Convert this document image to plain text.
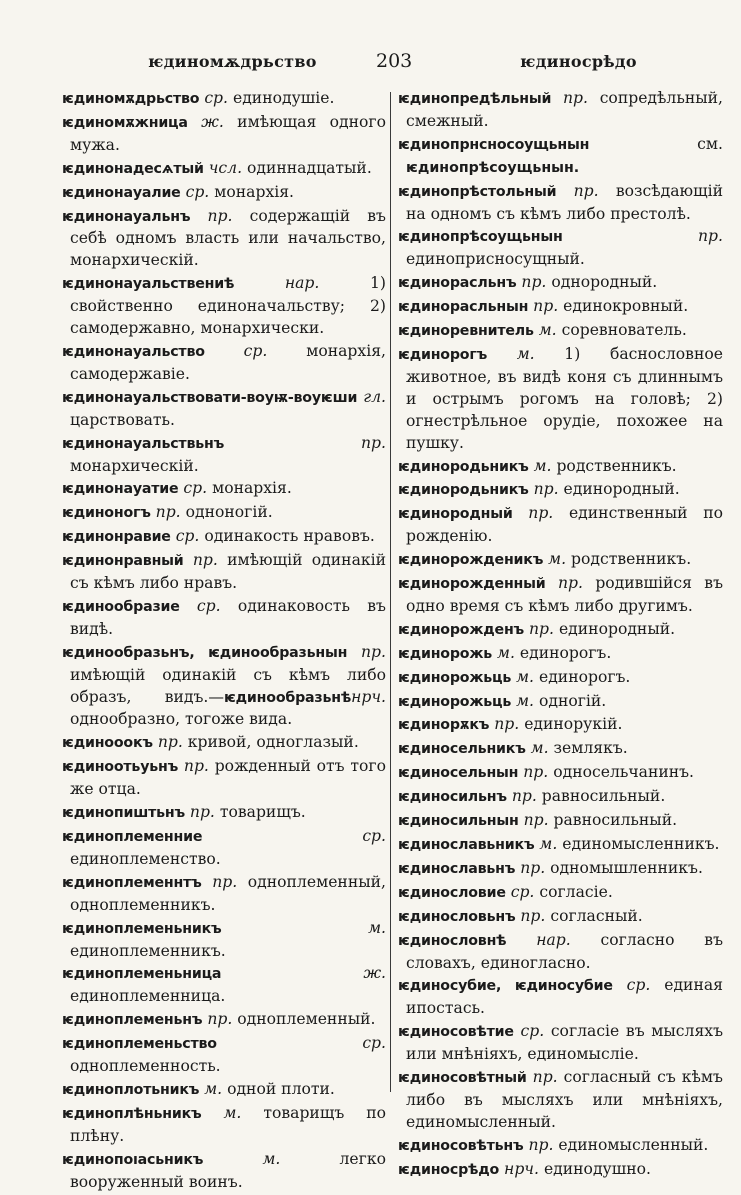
ѥдиномѫдрьство	203	ѥдиносрѣдо

ѥдиномѫдрьство ср. единодушіе.

ѥдиномѫжница ж. имѣющая одного мужа.

ѥдинонадесѧтый чсл. одиннадцатый.

ѥдинонауалие ср. монархія.

ѥдинонауальнъ пр. содержащій въ себѣ одномъ власть или начальство, монархическій.

ѥдинонауальствениѣ	нар.	1) свойственно единоначальству; 2) самодержавно, монархически.

ѥдинонауальство ср. монархія, самодержавіе.

ѥдинонауальствовати-воуѭ-воуѥши гл. царствовать.

ѥдинонауальствьнъ	пр. монархическій.

ѥдинонауатие ср. монархія.

ѥдиноногъ пр. одноногій.

ѥдинонравие ср. одинакость нравовъ.

ѥдинонравный пр. имѣющій одинакій съ кѣмъ либо нравъ.

ѥдинообразие ср. одинаковость въ видѣ.

ѥдинообразьнъ, ѥдинообразьнын пр. имѣющій одинакій съ кѣмъ либо образъ, видъ.—ѥдинообразьнѣнрч. однообразно, тогоже вида.

ѥдинооокъ пр. кривой, одноглазый.

ѥдиноотьуьнъ пр. рожденный отъ того же отца.

ѥдинопиштьнъ пр. товарищъ.

ѥдиноплеменние	ср. единоплеменство.

ѥдиноплеменнтъ пр. одноплеменный, одноплеменникъ.

ѥдиноплеменьникъ	м. единоплеменникъ.

ѥдиноплеменьница	ж. единоплеменница.

ѥдиноплеменьнъ пр. одноплеменный.

ѥдиноплеменьство	ср. одноплеменность.

ѥдиноплотьникъ м. одной плоти.

ѥдиноплѣньникъ м. товарищъ по плѣну.

ѥдинопоıасьникъ	м.	легко вооруженный воинъ.

ѥдинопредѣльный пр. сопредѣльный, смежный.

ѥдинопрнсносоущьнын	см. ѥдинопрѣсоущьнын.

ѥдинопрѣстольный пр. возсѣдающій на одномъ съ кѣмъ либо престолѣ.

ѥдинопрѣсоущьнын	пр. единоприсносущный.

ѥдинорасльнъ пр. однородный.

ѥдинорасльнын пр. единокровный.

ѥдиноревнитель м. соревнователь.

ѥдинорогъ м. 1) баснословное животное, въ видѣ коня съ длиннымъ и острымъ рогомъ на головѣ; 2) огнестрѣльное орудіе, похожее на пушку.

ѥдинородьникъ м. родственникъ.

ѥдинородьникъ пр. единородный.

ѥдинородный пр. единственный по рожденію.

ѥдинорожденикъ м. родственникъ.

ѥдинорожденный пр. родившійся въ одно время съ кѣмъ либо другимъ.

ѥдинорожденъ пр. единородный.

ѥдинорожь м. единорогъ.

ѥдинорожьць м. единорогъ.

ѥдинорожьць м. одногій.

ѥдинорѫкъ пр. единорукій.

ѥдиносельникъ м. землякъ.

ѥдиносельнын пр. односельчанинъ.

ѥдиносильнъ пр. равносильный.

ѥдиносильнын пр. равносильный.

ѥдинославьникъ м. единомысленникъ.

ѥдинославьнъ пр. одномышленникъ.

ѥдинословие ср. согласіе.

ѥдинословьнъ пр. согласный.

ѥдинословнѣ нар. согласно въ словахъ, единогласно.

ѥдиносубие, ѥдиносубие ср. единая ипостась.

ѥдиносовѣтие ср. согласіе въ мысляхъ или мнѣніяхъ, единомысліе.

ѥдиносовѣтный пр. согласный съ кѣмъ либо въ мысляхъ или мнѣніяхъ, единомысленный.

ѥдиносовѣтьнъ пр. единомысленный.

ѥдиносрѣдо нрч. единодушно.
